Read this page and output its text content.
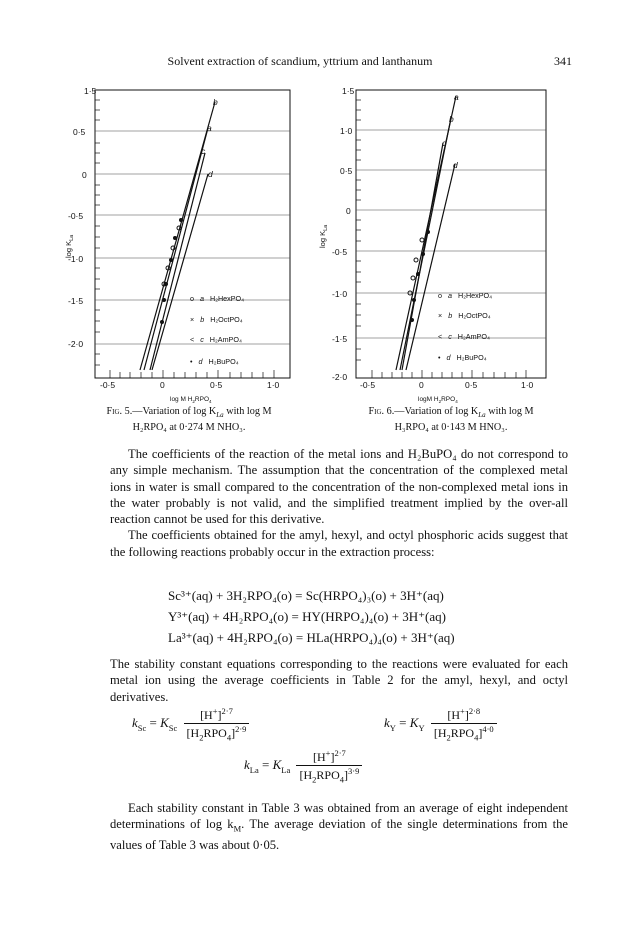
Solvent extraction of scandium, yttrium and lanthanum	341
1·5
0·5
0
-0·5
-1·0
-1·5
-2·0
$\log K_{La}$
-0·5	0	0·5	1·0
log M $H_2RPO_4$
b
a
c
d
o a H₂HexPO₄
× b H₂OctPO₄
< c H₂AmPO₄
• d H₂BuPO₄
Fig. 5.—Variation of $\log K_{La}$ with log M
H₂RPO₄ at 0·274 M NHO₃.
1·5
1·0
0·5
0
-0·5
-1·0
-1·5
-2·0
$\log K_{La}$
-0·5	0	0·5	1·0
logM $H_2RPO_4$
a
b
c
d
o a H₂HexPO₄
× b H₂OctPO₄
< c H₂AmPO₄
• d H₂BuPO₄
Fig. 6.—Variation of $\log K_{La}$ with log M
H₃RPO₄ at 0·143 M HNO₃.

The coefficients of the reaction of the metal ions and H₂BuPO₄ do not correspond to any simple mechanism. The assumption that the concentration of the complexed metal ions in water is small compared to the concentration of the non-complexed metal ions in the water probably is not valid, and the simplified treatment implied by the over-all reaction cannot be used for this derivative.

The coefficients obtained for the amyl, hexyl, and octyl phosphoric acids suggest that the following reactions probably occur in the extraction process:

Sc³⁺(aq) + 3H₂RPO₄(o) = Sc(HRPO₄)₃(o) + 3H⁺(aq)
Y³⁺(aq) + 4H₂RPO₄(o) = HY(HRPO₄)₄(o) + 3H⁺(aq)
La³⁺(aq) + 4H₂RPO₄(o) = HLa(HRPO₄)₄(o) + 3H⁺(aq)

The stability constant equations corresponding to the reactions were evaluated for each metal ion using the average coefficients in Table 2 for the amyl, hexyl, and octyl derivatives.

$k_{Sc} = K_{Sc} \frac{[H^+]^{2\cdot 7}}{[H_2RPO_4]^{2\cdot 9}}$	$k_Y = K_Y \frac{[H^+]^{2\cdot 8}}{[H_2RPO_4]^{4\cdot 0}}$
$k_{La} = K_{La} \frac{[H^+]^{2\cdot 7}}{[H_2RPO_4]^{3\cdot 9}}$

Each stability constant in Table 3 was obtained from an average of eight independent determinations of $\log k_M$. The average deviation of the single determinations from the values of Table 3 was about 0·05.
